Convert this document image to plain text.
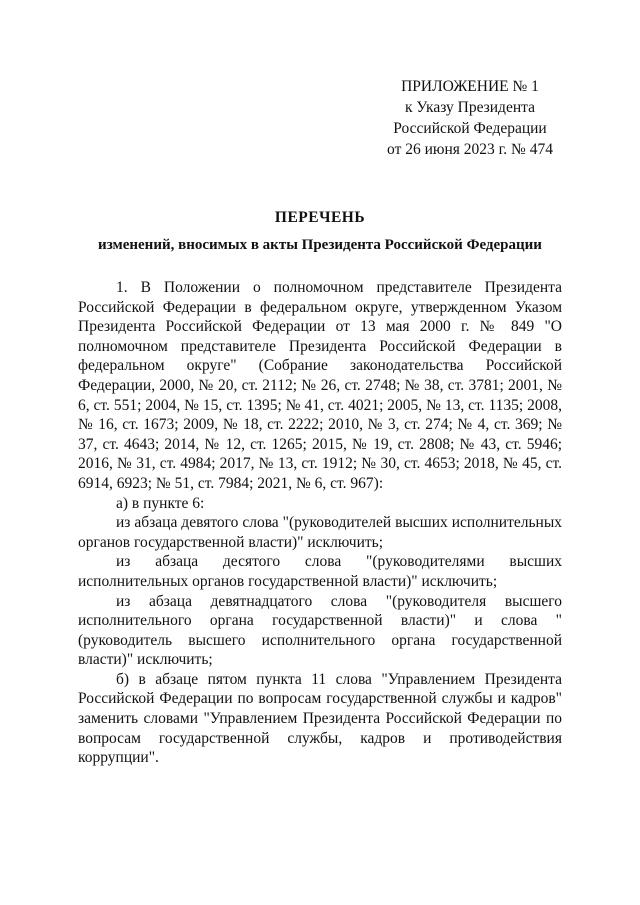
ПРИЛОЖЕНИЕ № 1
к Указу Президента
Российской Федерации
от 26 июня 2023 г. № 474
ПЕРЕЧЕНЬ
изменений, вносимых в акты Президента Российской Федерации

1. В Положении о полномочном представителе Президента Российской Федерации в федеральном округе, утвержденном Указом Президента Российской Федерации от 13 мая 2000 г. № 849 "О полномочном представителе Президента Российской Федерации в федеральном округе" (Собрание законодательства Российской Федерации, 2000, № 20, ст. 2112; № 26, ст. 2748; № 38, ст. 3781; 2001, № 6, ст. 551; 2004, № 15, ст. 1395; № 41, ст. 4021; 2005, № 13, ст. 1135; 2008, № 16, ст. 1673; 2009, № 18, ст. 2222; 2010, № 3, ст. 274; № 4, ст. 369; № 37, ст. 4643; 2014, № 12, ст. 1265; 2015, № 19, ст. 2808; № 43, ст. 5946; 2016, № 31, ст. 4984; 2017, № 13, ст. 1912; № 30, ст. 4653; 2018, № 45, ст. 6914, 6923; № 51, ст. 7984; 2021, № 6, ст. 967):

а) в пункте 6:

из абзаца девятого слова "(руководителей высших исполнительных органов государственной власти)" исключить;

из абзаца десятого слова "(руководителями высших исполнительных органов государственной власти)" исключить;

из абзаца девятнадцатого слова "(руководителя высшего исполнительного органа государственной власти)" и слова "(руководитель высшего исполнительного органа государственной власти)" исключить;

б) в абзаце пятом пункта 11 слова "Управлением Президента Российской Федерации по вопросам государственной службы и кадров" заменить словами "Управлением Президента Российской Федерации по вопросам государственной службы, кадров и противодействия коррупции".
